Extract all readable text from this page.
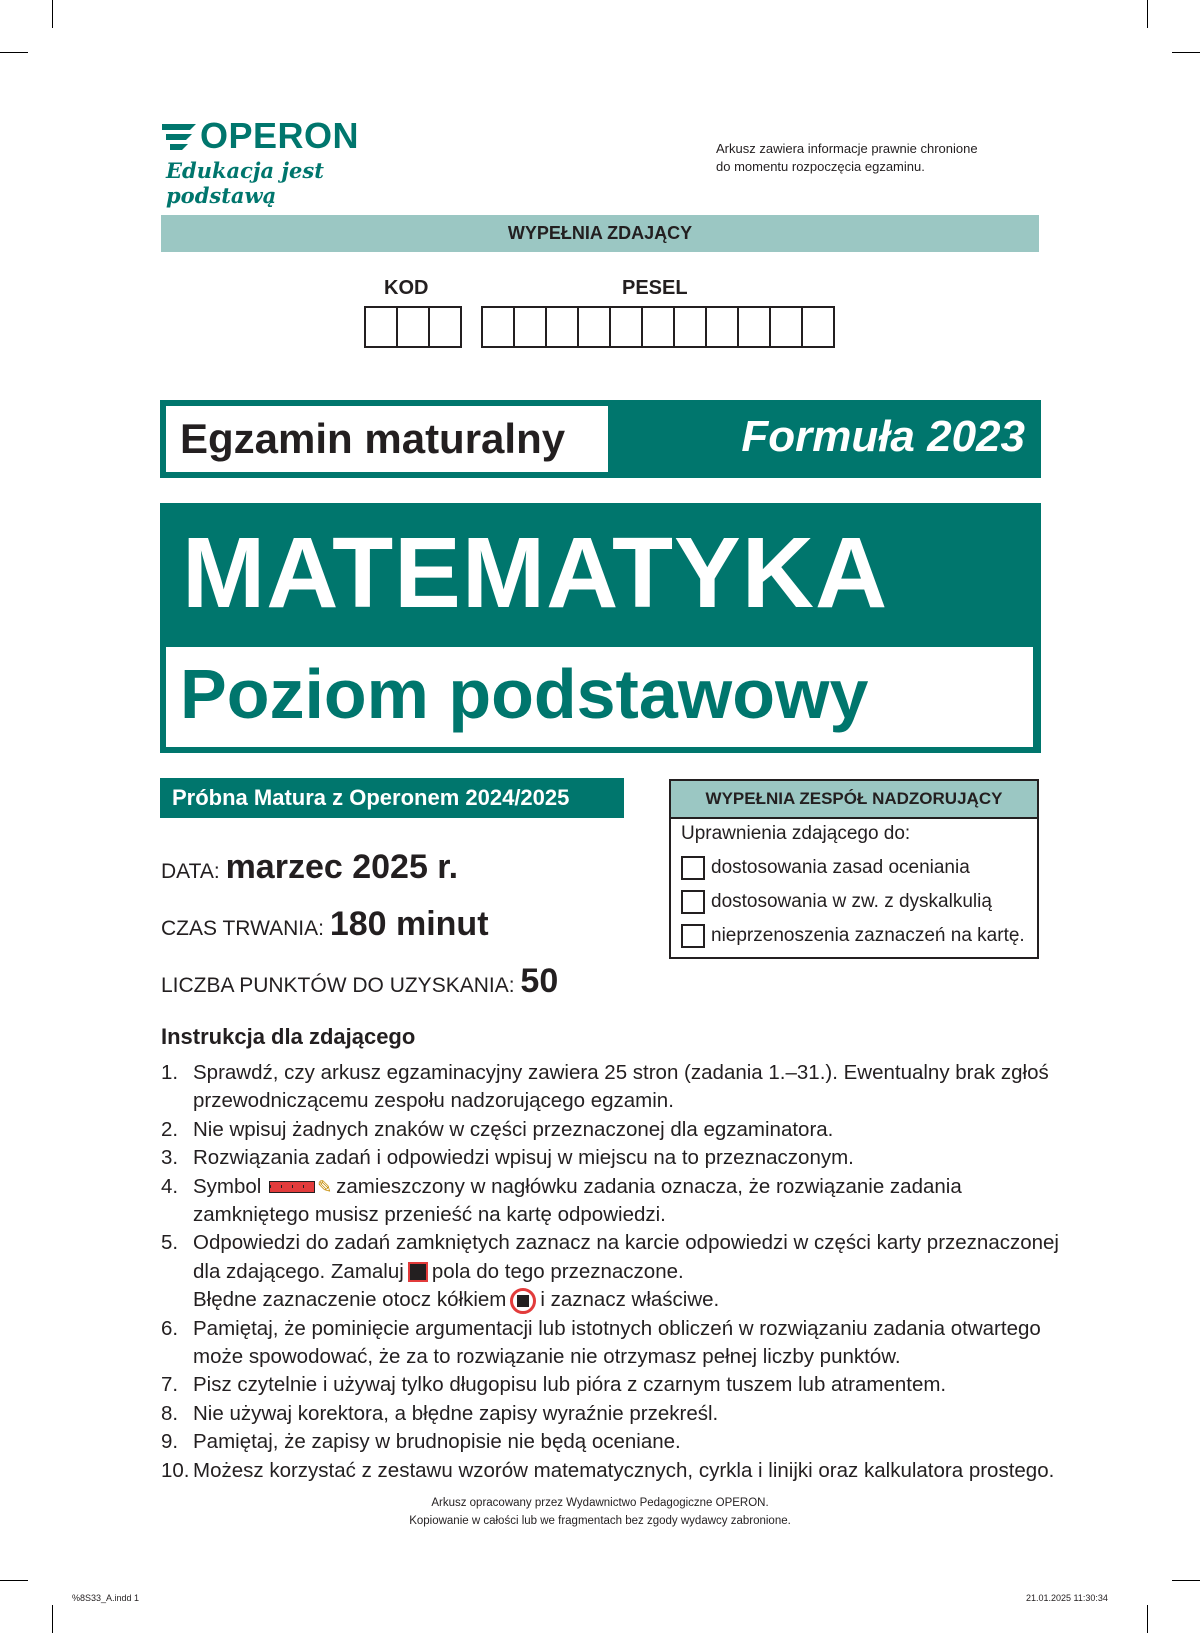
OPERON
Edukacja jest podstawą
Arkusz zawiera informacje prawnie chronione
do momentu rozpoczęcia egzaminu.
WYPEŁNIA ZDAJĄCY
KOD	PESEL
Egzamin maturalny	Formuła 2023
MATEMATYKA
Poziom podstawowy
Próbna Matura z Operonem 2024/2025
DATA: marzec 2025 r.
CZAS TRWANIA: 180 minut
LICZBA PUNKTÓW DO UZYSKANIA: 50
WYPEŁNIA ZESPÓŁ NADZORUJĄCY
Uprawnienia zdającego do:
dostosowania zasad oceniania
dostosowania w zw. z dyskalkulią
nieprzenoszenia zaznaczeń na kartę.
Instrukcja dla zdającego
1. Sprawdź, czy arkusz egzaminacyjny zawiera 25 stron (zadania 1.–31.). Ewentualny brak zgłoś przewodniczącemu zespołu nadzorującego egzamin.
2. Nie wpisuj żadnych znaków w części przeznaczonej dla egzaminatora.
3. Rozwiązania zadań i odpowiedzi wpisuj w miejscu na to przeznaczonym.
4. Symbol	✎ zamieszczony w nagłówku zadania oznacza, że rozwiązanie zadania zamkniętego musisz przenieść na kartę odpowiedzi.
5. Odpowiedzi do zadań zamkniętych zaznacz na karcie odpowiedzi w części karty przeznaczonej dla zdającego. Zamaluj pola do tego przeznaczone.
Błędne zaznaczenie otocz kółkiem i zaznacz właściwe.
6. Pamiętaj, że pominięcie argumentacji lub istotnych obliczeń w rozwiązaniu zadania otwartego może spowodować, że za to rozwiązanie nie otrzymasz pełnej liczby punktów.
7. Pisz czytelnie i używaj tylko długopisu lub pióra z czarnym tuszem lub atramentem.
8. Nie używaj korektora, a błędne zapisy wyraźnie przekreśl.
9. Pamiętaj, że zapisy w brudnopisie nie będą oceniane.
10. Możesz korzystać z zestawu wzorów matematycznych, cyrkla i linijki oraz kalkulatora prostego.
Arkusz opracowany przez Wydawnictwo Pedagogiczne OPERON.
Kopiowanie w całości lub we fragmentach bez zgody wydawcy zabronione.
%8S33_A.indd 1	21.01.2025 11:30:34
